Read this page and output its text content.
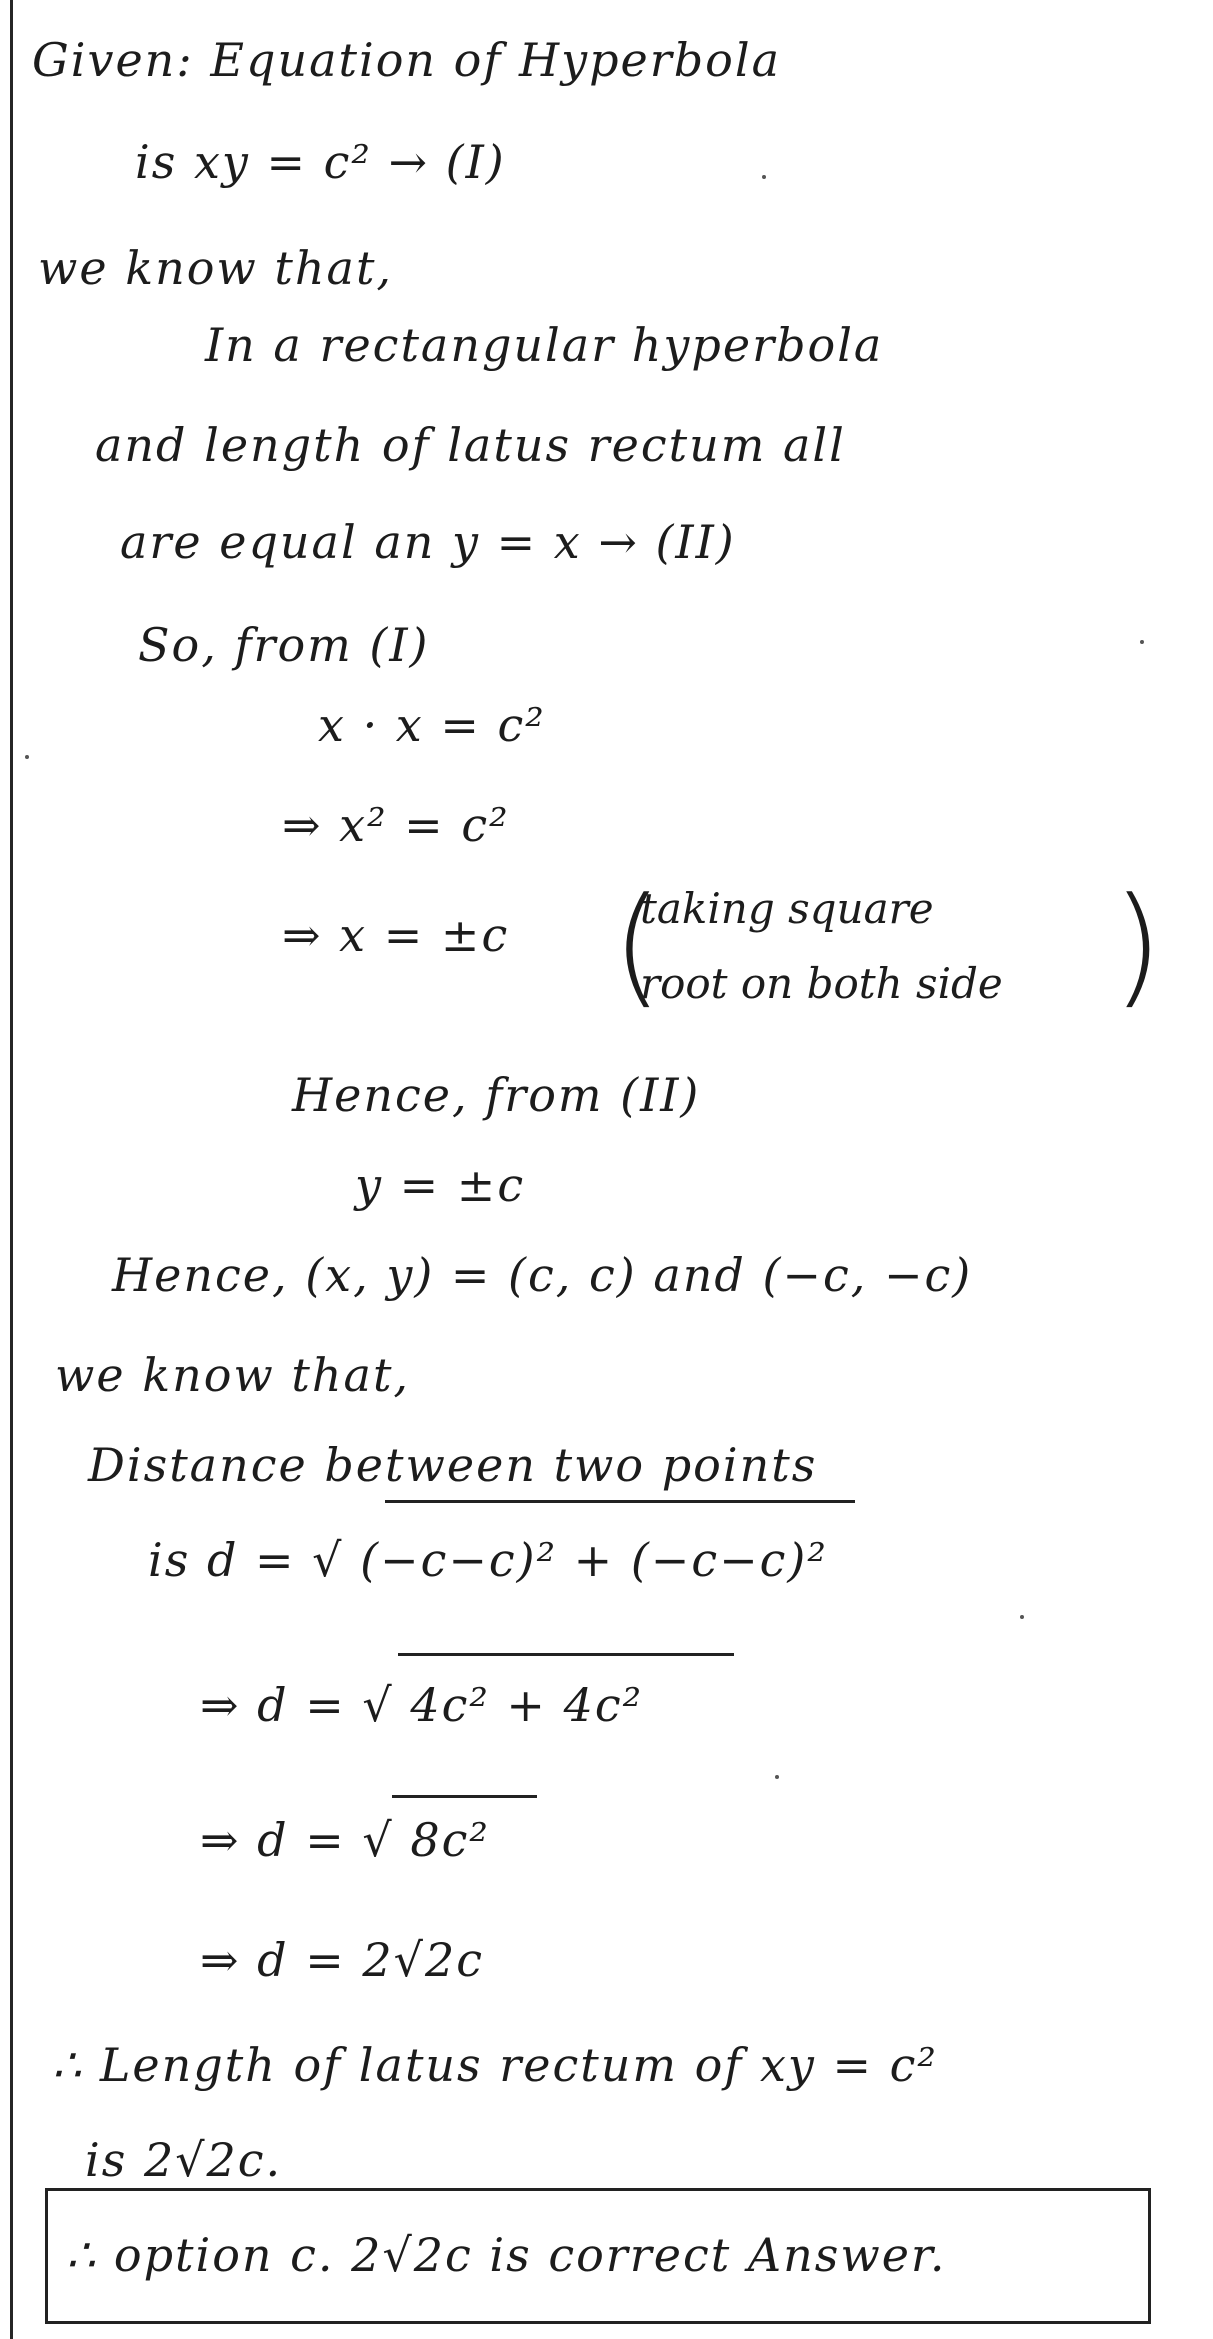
Given: Equation of Hyperbola
is xy = c² → (I)
we know that,
In a rectangular hyperbola
and length of latus rectum all
are equal an y = x → (II)
So, from (I)
x · x = c²
⇒ x² = c²
⇒ x = ±c (
taking square
root on both side )
Hence, from (II)
y = ±c
Hence, (x, y) = (c, c) and (−c, −c)
we know that,
Distance between two points
is d = √ (−c−c)² + (−c−c)²
⇒ d = √ 4c² + 4c²
⇒ d = √ 8c²
⇒ d = 2√2c
∴ Length of latus rectum of xy = c²
is 2√2c.
∴ option c. 2√2c is correct Answer.
